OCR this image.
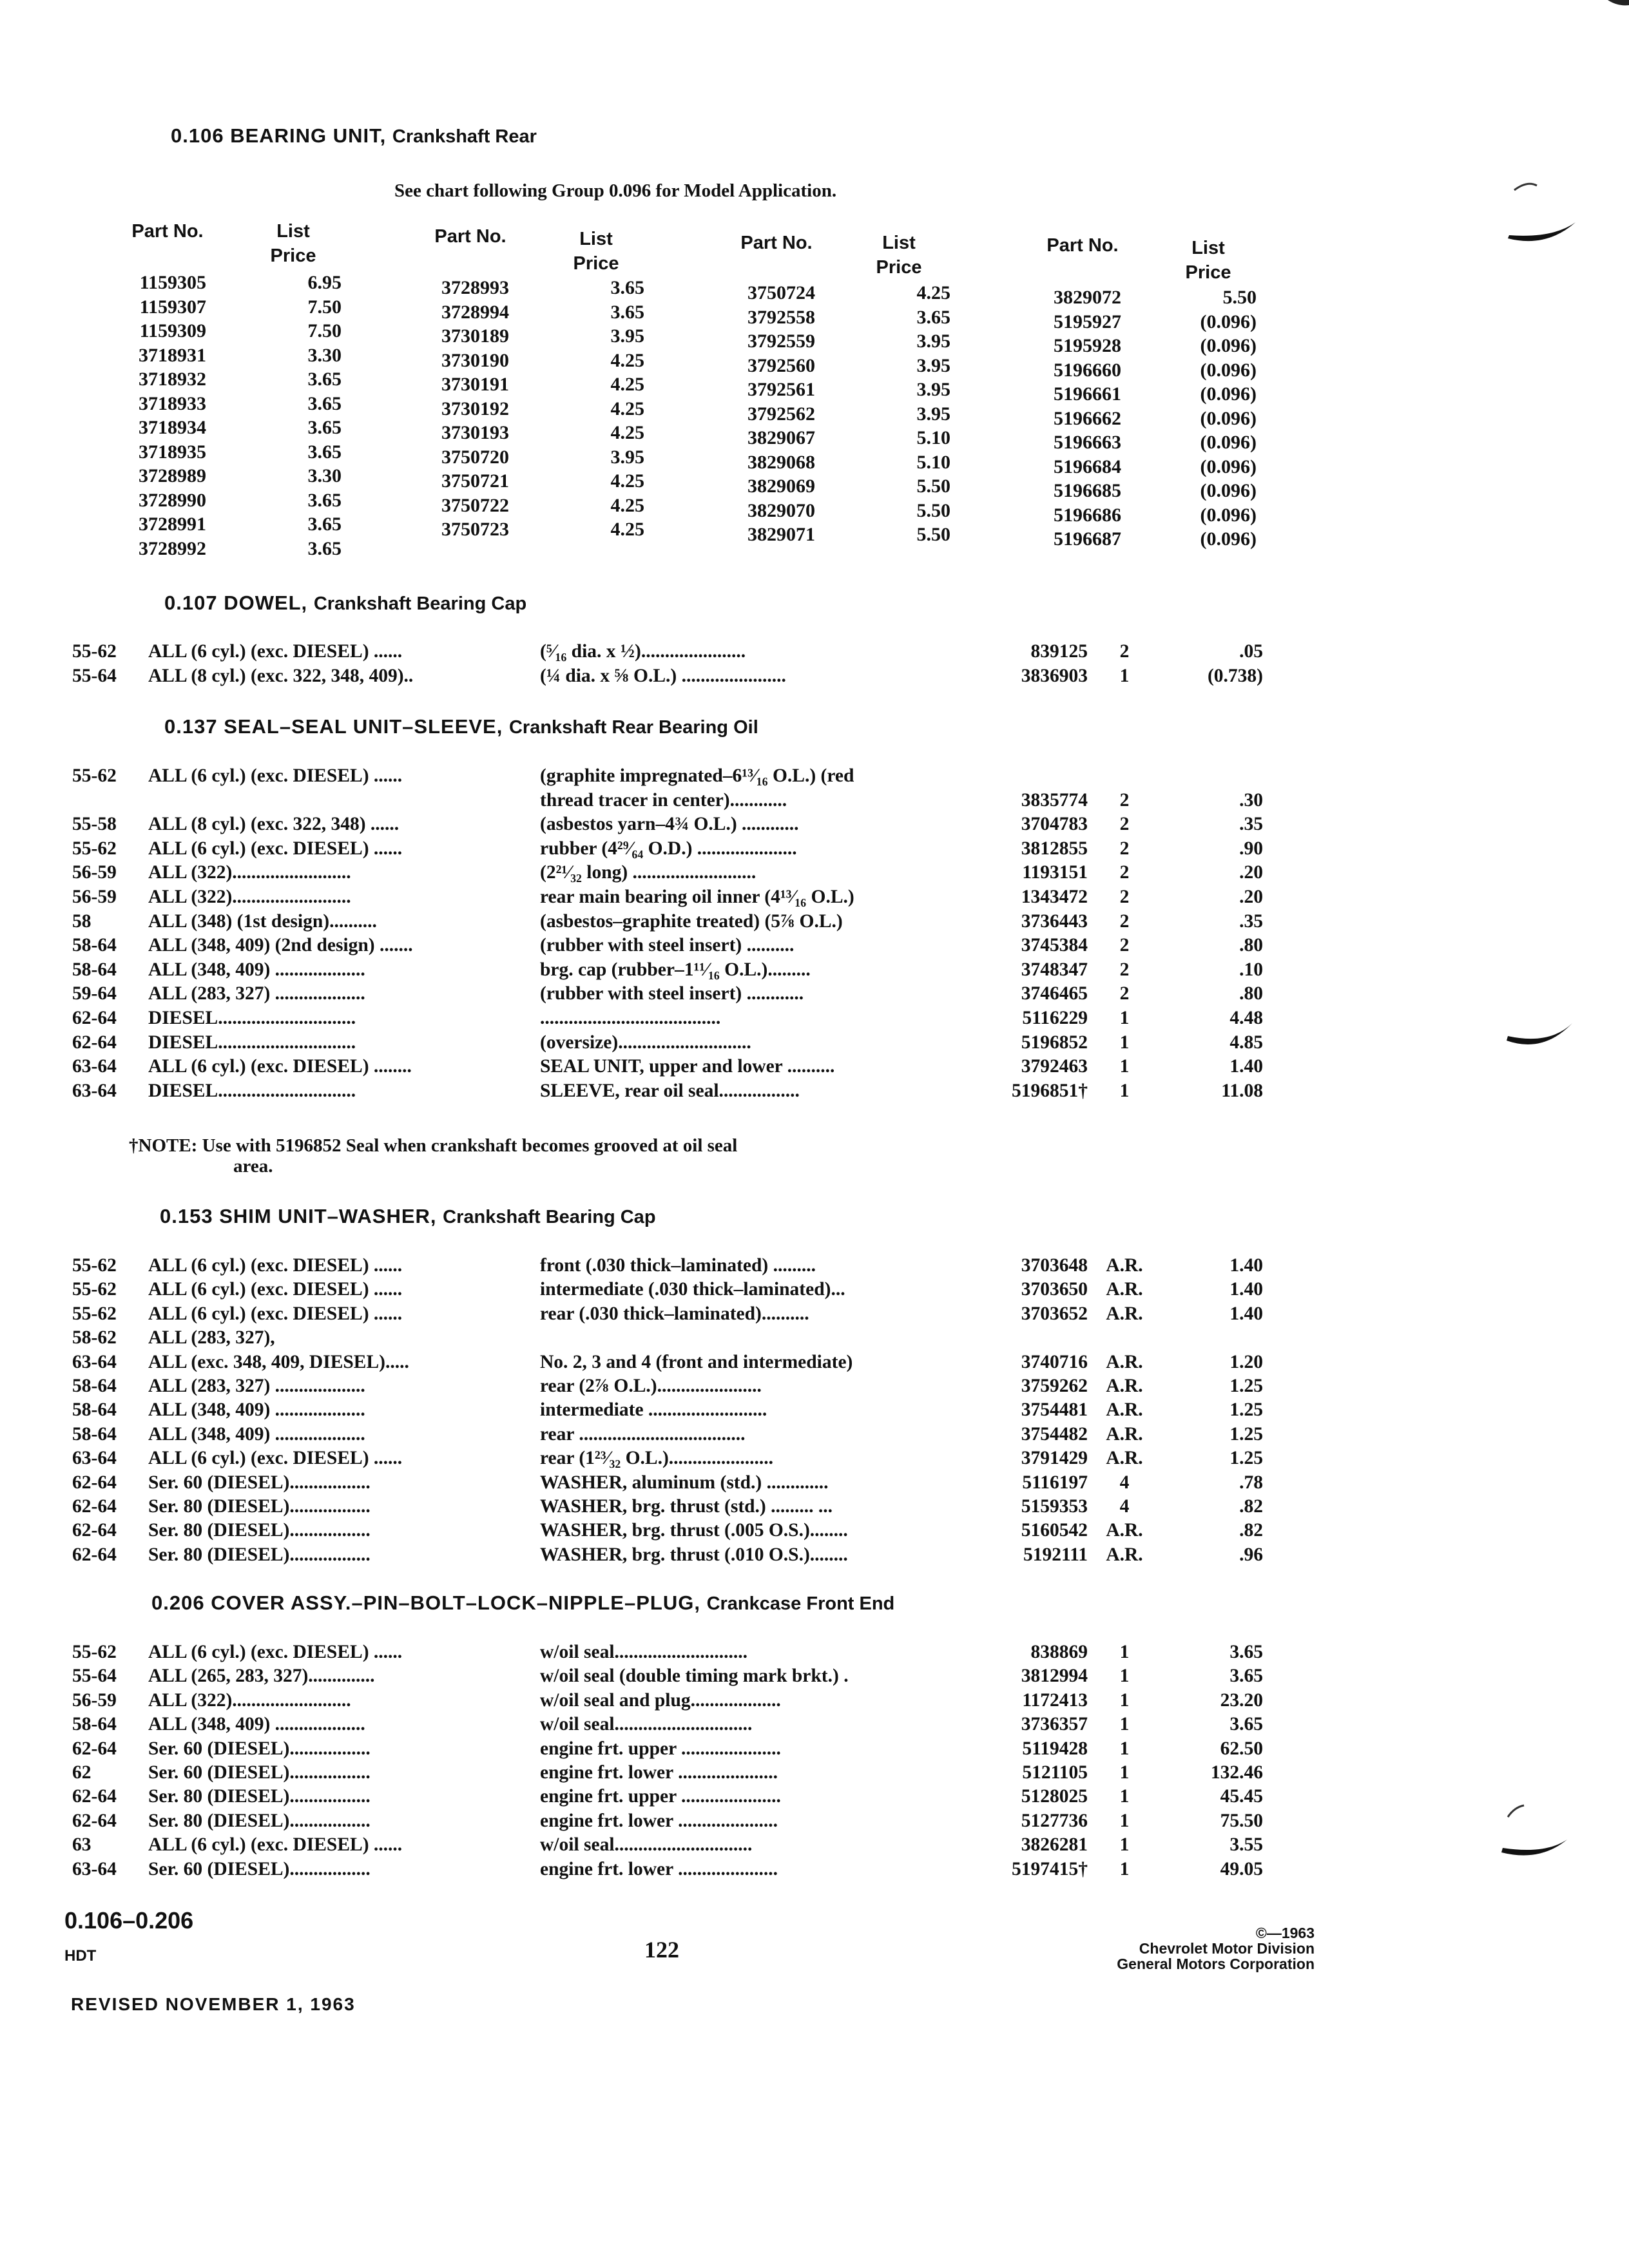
0.106 BEARING UNIT, Crankshaft Rear
See chart following Group 0.096 for Model Application.
Part No.	List Price
Part No.	List Price
Part No.	List Price
Part No.	List Price
1159305	6.95
1159307	7.50
1159309	7.50
3718931	3.30
3718932	3.65
3718933	3.65
3718934	3.65
3718935	3.65
3728989	3.30
3728990	3.65
3728991	3.65
3728992	3.65
3728993	3.65
3728994	3.65
3730189	3.95
3730190	4.25
3730191	4.25
3730192	4.25
3730193	4.25
3750720	3.95
3750721	4.25
3750722	4.25
3750723	4.25
3750724	4.25
3792558	3.65
3792559	3.95
3792560	3.95
3792561	3.95
3792562	3.95
3829067	5.10
3829068	5.10
3829069	5.50
3829070	5.50
3829071	5.50
3829072	5.50
5195927	(0.096)
5195928	(0.096)
5196660	(0.096)
5196661	(0.096)
5196662	(0.096)
5196663	(0.096)
5196684	(0.096)
5196685	(0.096)
5196686	(0.096)
5196687	(0.096)
0.107 DOWEL, Crankshaft Bearing Cap
55-62 ALL (6 cyl.) (exc. DIESEL) ......	(⁵⁄₁₆ dia. x ½)......................	839125	2	.05
55-64 ALL (8 cyl.) (exc. 322, 348, 409)..	(¼ dia. x ⅝ O.L.) ......................	3836903	1	(0.738)
0.137 SEAL–SEAL UNIT–SLEEVE, Crankshaft Rear Bearing Oil
55-62 ALL (6 cyl.) (exc. DIESEL) ......	(graphite impregnated–6¹³⁄₁₆ O.L.) (red
thread tracer in center)............	3835774	2	.30
55-58 ALL (8 cyl.) (exc. 322, 348) ......	(asbestos yarn–4¾ O.L.) ............	3704783	2	.35
55-62 ALL (6 cyl.) (exc. DIESEL) ......	rubber (4²⁹⁄₆₄ O.D.) .....................	3812855	2	.90
56-59 ALL (322).........................	(2²¹⁄₃₂ long) ..........................	1193151	2	.20
56-59 ALL (322).........................	rear main bearing oil inner (4¹³⁄₁₆ O.L.)	1343472	2	.20
58	ALL (348) (1st design)..........	(asbestos–graphite treated) (5⅞ O.L.)	3736443	2	.35
58-64 ALL (348, 409) (2nd design) .......	(rubber with steel insert) ..........	3745384	2	.80
58-64 ALL (348, 409) ...................	brg. cap (rubber–1¹¹⁄₁₆ O.L.).........	3748347	2	.10
59-64 ALL (283, 327) ...................	(rubber with steel insert) ............	3746465	2	.80
62-64 DIESEL.............................	......................................	5116229	1	4.48
62-64 DIESEL.............................	(oversize)............................	5196852	1	4.85
63-64 ALL (6 cyl.) (exc. DIESEL) ........	SEAL UNIT, upper and lower ..........	3792463	1	1.40
63-64 DIESEL.............................	SLEEVE, rear oil seal.................	5196851†	1	11.08
†NOTE: Use with 5196852 Seal when crankshaft becomes grooved at oil seal
area.
0.153 SHIM UNIT–WASHER, Crankshaft Bearing Cap
55-62 ALL (6 cyl.) (exc. DIESEL) ......	front (.030 thick–laminated) .........	3703648 A.R.	1.40
55-62 ALL (6 cyl.) (exc. DIESEL) ......	intermediate (.030 thick–laminated)...	3703650 A.R.	1.40
55-62 ALL (6 cyl.) (exc. DIESEL) ......	rear (.030 thick–laminated)..........	3703652 A.R.	1.40
58-62 ALL (283, 327),
63-64 ALL (exc. 348, 409, DIESEL).....	No. 2, 3 and 4 (front and intermediate)	3740716 A.R.	1.20
58-64 ALL (283, 327) ...................	rear (2⅞ O.L.)......................	3759262 A.R.	1.25
58-64 ALL (348, 409) ...................	intermediate .........................	3754481 A.R.	1.25
58-64 ALL (348, 409) ...................	rear ...................................	3754482 A.R.	1.25
63-64 ALL (6 cyl.) (exc. DIESEL) ......	rear (1²³⁄₃₂ O.L.)......................	3791429 A.R.	1.25
62-64 Ser. 60 (DIESEL).................	WASHER, aluminum (std.) .............	5116197	4	.78
62-64 Ser. 80 (DIESEL).................	WASHER, brg. thrust (std.) ......... ...	5159353	4	.82
62-64 Ser. 80 (DIESEL).................	WASHER, brg. thrust (.005 O.S.)........	5160542 A.R.	.82
62-64 Ser. 80 (DIESEL).................	WASHER, brg. thrust (.010 O.S.)........	5192111 A.R.	.96
0.206 COVER ASSY.–PIN–BOLT–LOCK–NIPPLE–PLUG, Crankcase Front End
55-62 ALL (6 cyl.) (exc. DIESEL) ......	w/oil seal............................	838869	1	3.65
55-64 ALL (265, 283, 327)..............	w/oil seal (double timing mark brkt.) .	3812994	1	3.65
56-59 ALL (322).........................	w/oil seal and plug...................	1172413	1	23.20
58-64 ALL (348, 409) ...................	w/oil seal.............................	3736357	1	3.65
62-64 Ser. 60 (DIESEL).................	engine frt. upper .....................	5119428	1	62.50
62	Ser. 60 (DIESEL).................	engine frt. lower .....................	5121105	1	132.46
62-64 Ser. 80 (DIESEL).................	engine frt. upper .....................	5128025	1	45.45
62-64 Ser. 80 (DIESEL).................	engine frt. lower .....................	5127736	1	75.50
63	ALL (6 cyl.) (exc. DIESEL) ......	w/oil seal.............................	3826281	1	3.55
63-64 Ser. 60 (DIESEL).................	engine frt. lower .....................	5197415†	1	49.05
0.106–0.206
HDT	122
©—1963
Chevrolet Motor Division
General Motors Corporation
REVISED NOVEMBER 1, 1963
